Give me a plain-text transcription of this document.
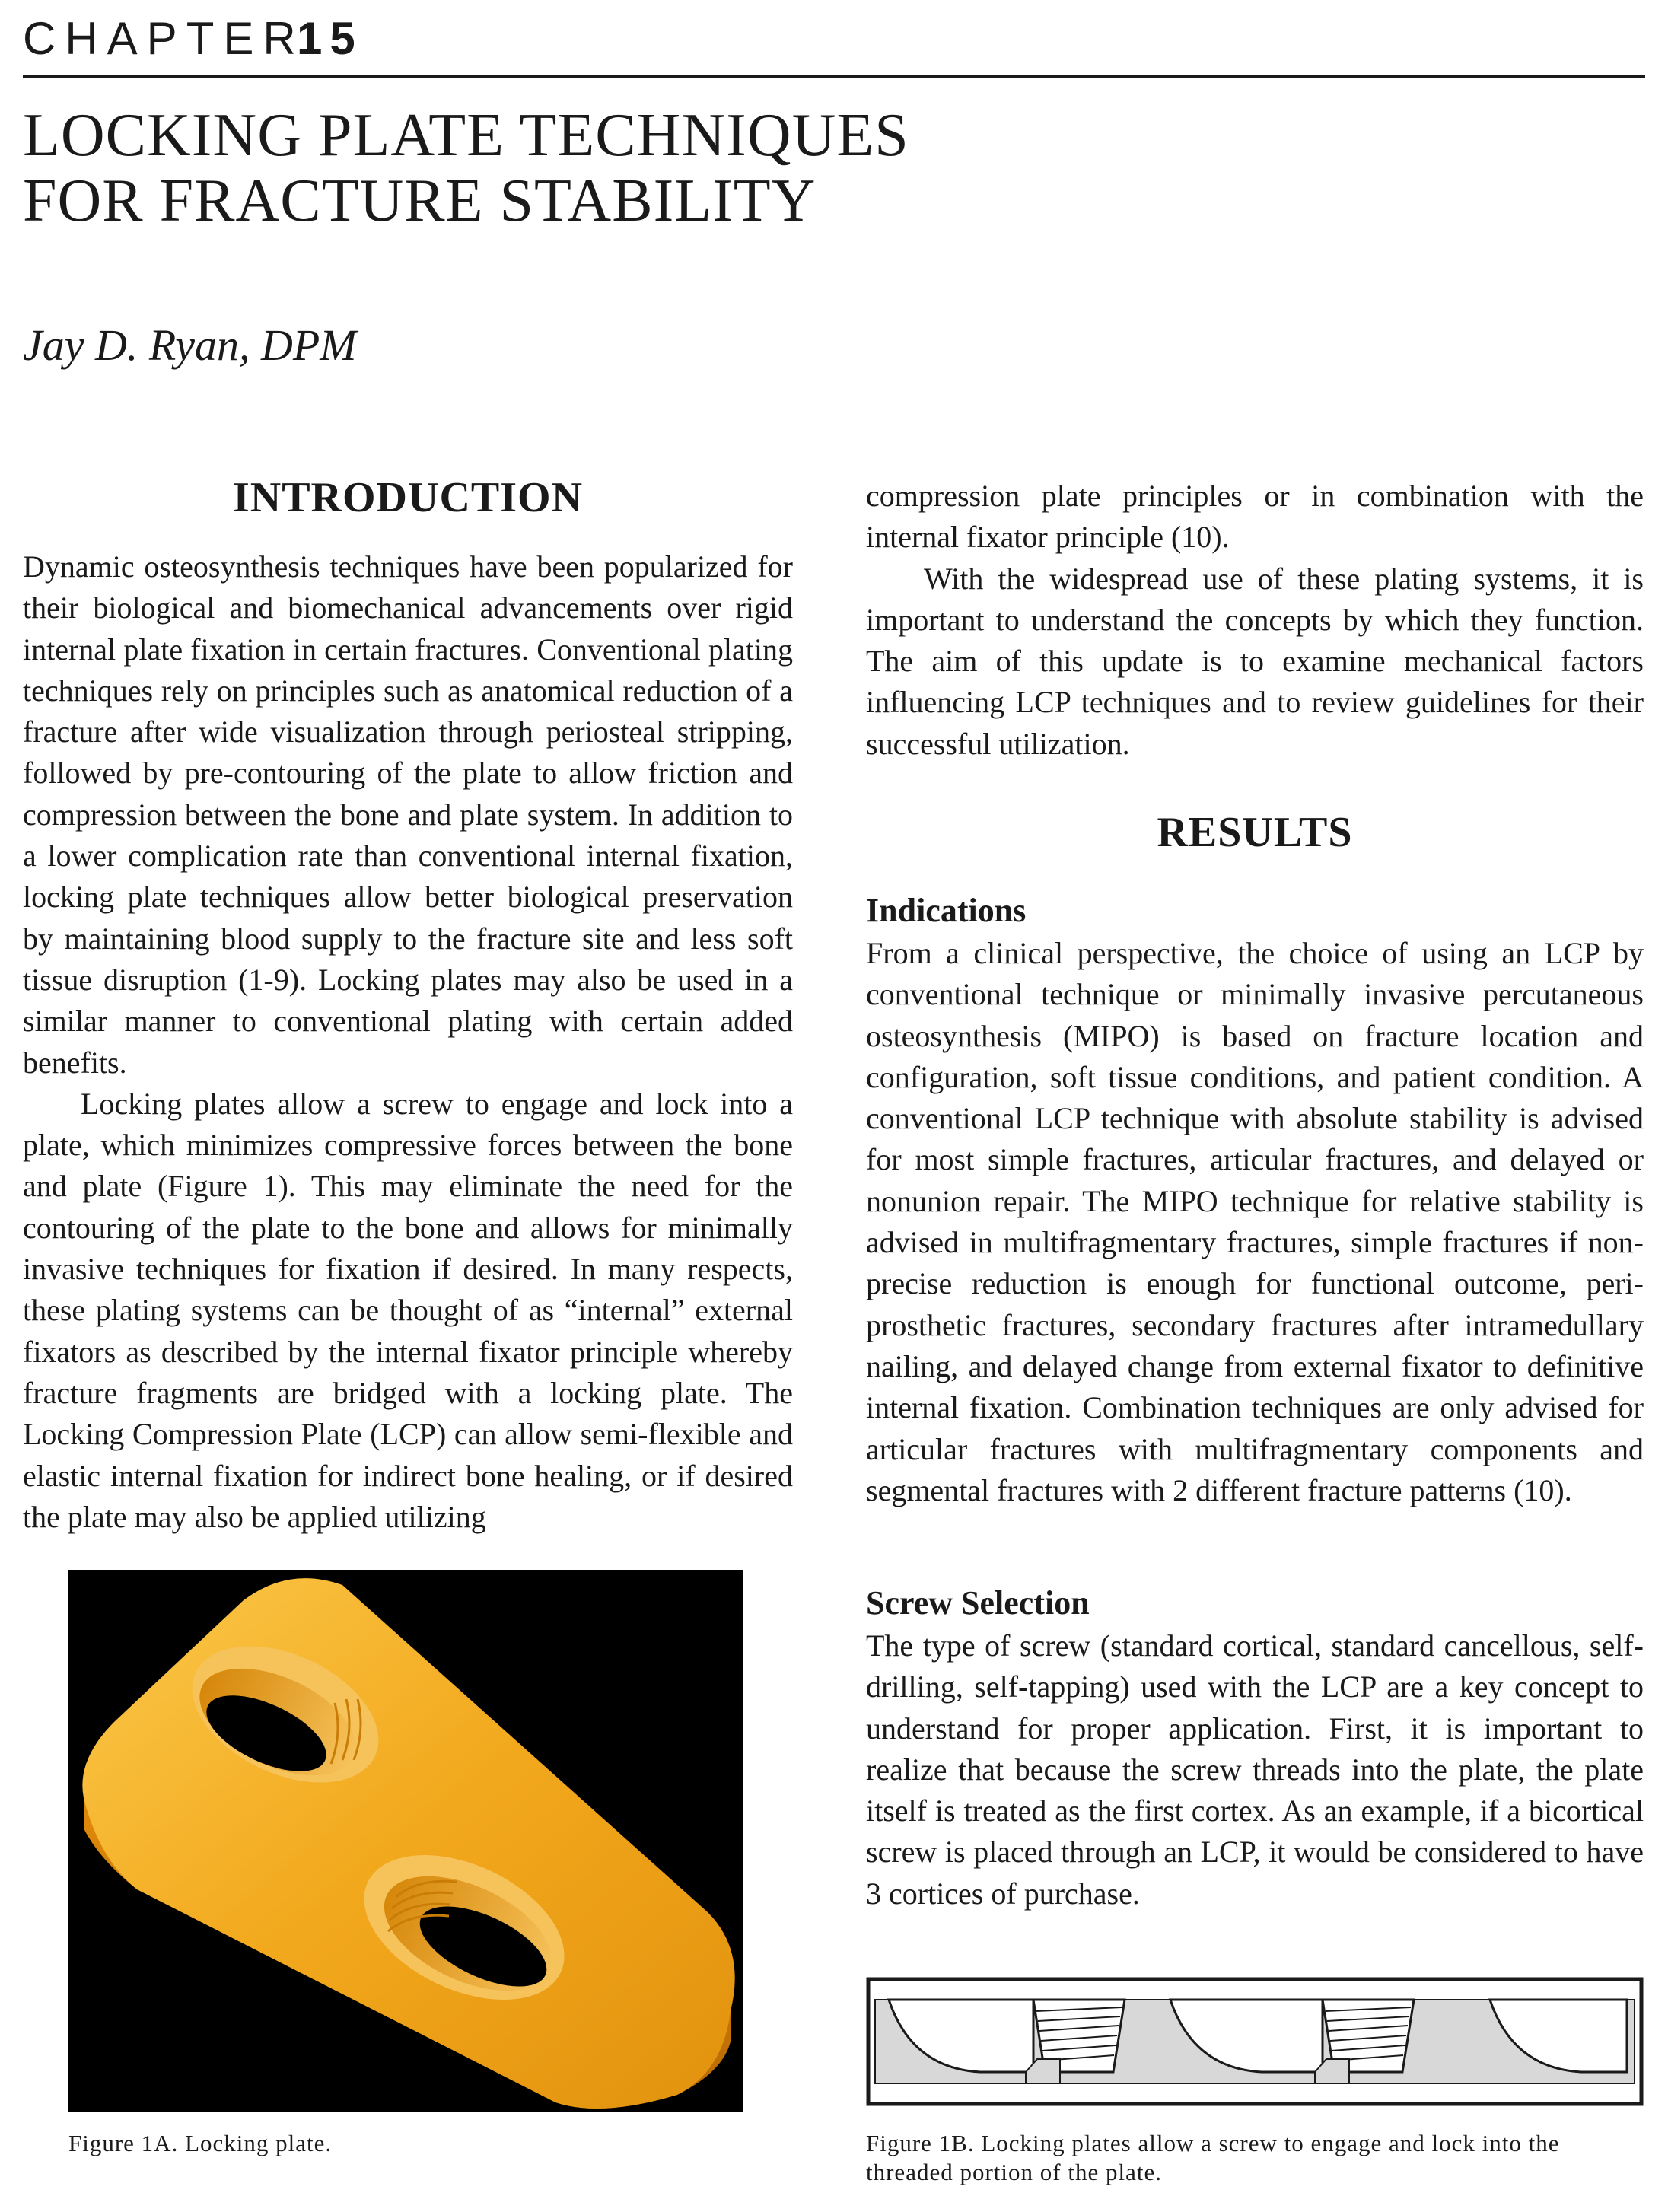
CHAPTER
15
LOCKING PLATE TECHNIQUES
FOR FRACTURE STABILITY
Jay D. Ryan, DPM
INTRODUCTION

Dynamic osteosynthesis techniques have been popularized for their biological and biomechanical advancements over rigid internal plate fixation in certain fractures. Conventional plating techniques rely on principles such as anatomical reduction of a fracture after wide visualization through periosteal stripping, followed by pre-contouring of the plate to allow friction and compression between the bone and plate system. In addition to a lower complication rate than conventional internal fixation, locking plate techniques allow better biological preservation by maintaining blood supply to the fracture site and less soft tissue disruption (1-9). Locking plates may also be used in a similar manner to conventional plating with certain added benefits.

Locking plates allow a screw to engage and lock into a plate, which minimizes compressive forces between the bone and plate (Figure 1). This may eliminate the need for the contouring of the plate to the bone and allows for minimally invasive techniques for fixation if desired. In many respects, these plating systems can be thought of as “internal” external fixators as described by the internal fixator principle whereby fracture fragments are bridged with a locking plate. The Locking Compression Plate (LCP) can allow semi-flexible and elastic internal fixation for indirect bone healing, or if desired the plate may also be applied utilizing

compression plate principles or in combination with the internal fixator principle (10).

With the widespread use of these plating systems, it is important to understand the concepts by which they function. The aim of this update is to examine mechanical factors influencing LCP techniques and to review guidelines for their successful utilization.

RESULTS
Indications

From a clinical perspective, the choice of using an LCP by conventional technique or minimally invasive percutaneous osteosynthesis (MIPO) is based on fracture location and configuration, soft tissue conditions, and patient condition. A conventional LCP technique with absolute stability is advised for most simple fractures, articular fractures, and delayed or nonunion repair. The MIPO technique for relative stability is advised in multifragmentary fractures, simple fractures if non-precise reduction is enough for functional outcome, peri-prosthetic fractures, secondary fractures after intramedullary nailing, and delayed change from external fixator to definitive internal fixation. Combination techniques are only advised for articular fractures with multifragmentary components and segmental fractures with 2 different fracture patterns (10).

Screw Selection

The type of screw (standard cortical, standard cancellous, self-drilling, self-tapping) used with the LCP are a key concept to understand for proper application. First, it is important to realize that because the screw threads into the plate, the plate itself is treated as the first cortex. As an example, if a bicortical screw is placed through an LCP, it would be considered to have 3 cortices of purchase.

Figure 1A. Locking plate.	Figure 1B. Locking plates allow a screw to engage and lock into the threaded portion of the plate.
